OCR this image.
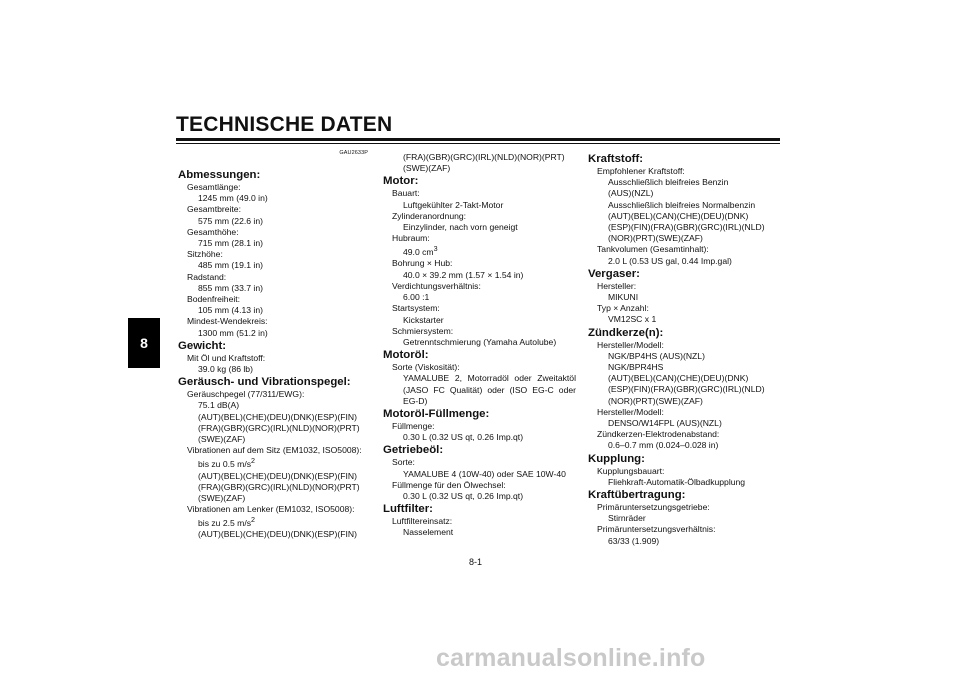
TECHNISCHE DATEN
8
GAU2633P
Abmessungen:
Gesamtlänge:
1245 mm (49.0 in)
Gesamtbreite:
575 mm (22.6 in)
Gesamthöhe:
715 mm (28.1 in)
Sitzhöhe:
485 mm (19.1 in)
Radstand:
855 mm (33.7 in)
Bodenfreiheit:
105 mm (4.13 in)
Mindest-Wendekreis:
1300 mm (51.2 in)
Gewicht:
Mit Öl und Kraftstoff:
39.0 kg (86 lb)
Geräusch- und Vibrationspegel:
Geräuschpegel (77/311/EWG):
75.1 dB(A)
(AUT)(BEL)(CHE)(DEU)(DNK)(ESP)(FIN)
(FRA)(GBR)(GRC)(IRL)(NLD)(NOR)(PRT)
(SWE)(ZAF)
Vibrationen auf dem Sitz (EM1032, ISO5008):
bis zu 0.5 $m/s^2$
(AUT)(BEL)(CHE)(DEU)(DNK)(ESP)(FIN)
(FRA)(GBR)(GRC)(IRL)(NLD)(NOR)(PRT)
(SWE)(ZAF)
Vibrationen am Lenker (EM1032, ISO5008):
bis zu 2.5 $m/s^2$
(AUT)(BEL)(CHE)(DEU)(DNK)(ESP)(FIN)
(FRA)(GBR)(GRC)(IRL)(NLD)(NOR)(PRT)
(SWE)(ZAF)
Motor:
Bauart:
Luftgekühlter 2-Takt-Motor
Zylinderanordnung:
Einzylinder, nach vorn geneigt
Hubraum:
49.0 $cm^3$
Bohrung × Hub:
40.0 × 39.2 mm (1.57 × 1.54 in)
Verdichtungsverhältnis:
6.00 :1
Startsystem:
Kickstarter
Schmiersystem:
Getrenntschmierung (Yamaha Autolube)
Motoröl:
Sorte (Viskosität):
YAMALUBE 2, Motorradöl oder Zweitaktöl (JASO FC Qualität) oder (ISO EG-C oder EG-D)
Motoröl-Füllmenge:
Füllmenge:
0.30 L (0.32 US qt, 0.26 Imp.qt)
Getriebeöl:
Sorte:
YAMALUBE 4 (10W-40) oder SAE 10W-40
Füllmenge für den Ölwechsel:
0.30 L (0.32 US qt, 0.26 Imp.qt)
Luftfilter:
Luftfiltereinsatz:
Nasselement
Kraftstoff:
Empfohlener Kraftstoff:
Ausschließlich bleifreies Benzin
(AUS)(NZL)
Ausschließlich bleifreies Normalbenzin
(AUT)(BEL)(CAN)(CHE)(DEU)(DNK)
(ESP)(FIN)(FRA)(GBR)(GRC)(IRL)(NLD)
(NOR)(PRT)(SWE)(ZAF)
Tankvolumen (Gesamtinhalt):
2.0 L (0.53 US gal, 0.44 Imp.gal)
Vergaser:
Hersteller:
MIKUNI
Typ × Anzahl:
VM12SC x 1
Zündkerze(n):
Hersteller/Modell:
NGK/BP4HS (AUS)(NZL)
NGK/BPR4HS
(AUT)(BEL)(CAN)(CHE)(DEU)(DNK)
(ESP)(FIN)(FRA)(GBR)(GRC)(IRL)(NLD)
(NOR)(PRT)(SWE)(ZAF)
Hersteller/Modell:
DENSO/W14FPL (AUS)(NZL)
Zündkerzen-Elektrodenabstand:
0.6–0.7 mm (0.024–0.028 in)
Kupplung:
Kupplungsbauart:
Fliehkraft-Automatik-Ölbadkupplung
Kraftübertragung:
Primäruntersetzungsgetriebe:
Stirnräder
Primäruntersetzungsverhältnis:
63/33 (1.909)
8-1
carmanualsonline.info
